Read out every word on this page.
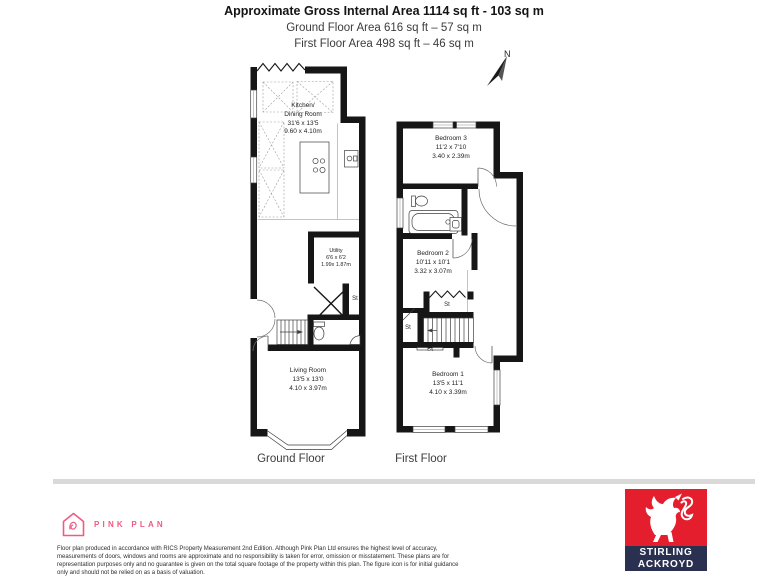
Approximate Gross Internal Area 1114 sq ft - 103 sq m

Ground Floor Area 616 sq ft – 57 sq m

First Floor Area 498 sq ft – 46 sq m

N
Kitchen/
Dining Room
31'6 x 13'5
9.60 x 4.10m
Utility
6'6 x 6'2
1.99x 1.87m
Living Room
13'5 x 13'0
4.10 x 3.97m
Bedroom 3
11'2 x 7'10
3.40 x 2.39m
Bedroom 2
10'11 x 10'1
3.32 x 3.07m
Bedroom 1
13'5 x 11'1
4.10 x 3.39m
St
St
St
St
Ground Floor	First Floor
PINK PLAN

Floor plan produced in accordance with RICS Property Measurement 2nd Edition. Although Pink Plan Ltd ensures the highest level of accuracy, measurements of doors, windows and rooms are approximate and no responsibility is taken for error, omission or misstatement. These plans are for representation purposes only and no guarantee is given on the total square footage of the property within this plan. The figure icon is for initial guidance only and should not be relied on as a basis of valuation.

STIRLING
ACKROYD
